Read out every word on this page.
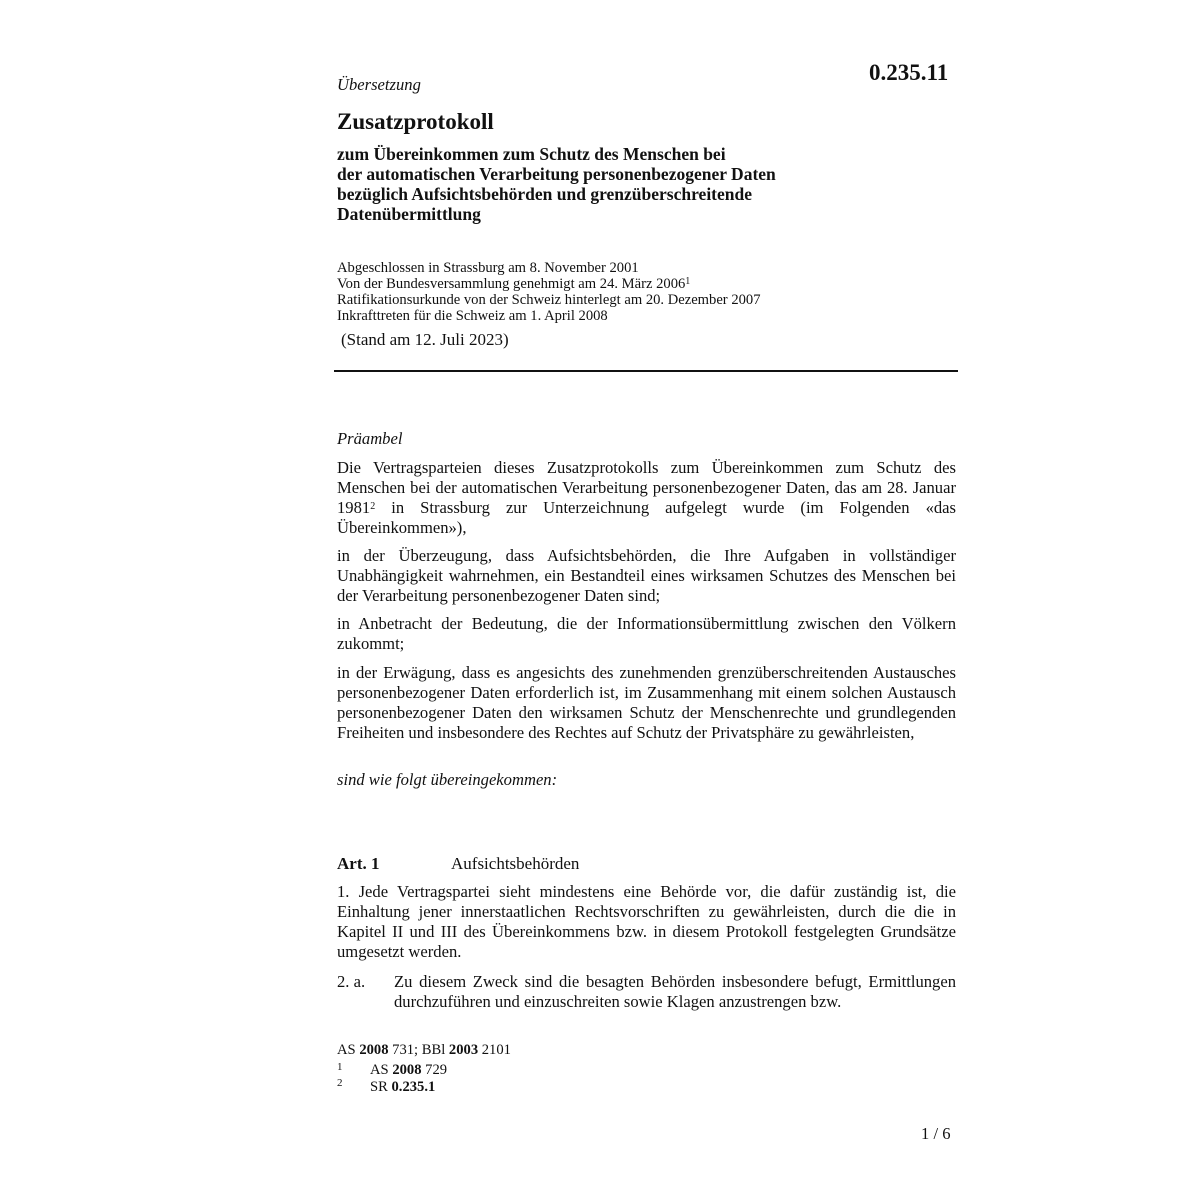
Übersetzung	0.235.11
Zusatzprotokoll
zum Übereinkommen zum Schutz des Menschen bei
der automatischen Verarbeitung personenbezogener Daten
bezüglich Aufsichtsbehörden und grenzüberschreitende
Datenübermittlung
Abgeschlossen in Strassburg am 8. November 2001
Von der Bundesversammlung genehmigt am 24. März 2006$^1$
Ratifikationsurkunde von der Schweiz hinterlegt am 20. Dezember 2007
Inkrafttreten für die Schweiz am 1. April 2008
(Stand am 12. Juli 2023)
Präambel

Die Vertragsparteien dieses Zusatzprotokolls zum Übereinkommen zum Schutz des Menschen bei der automatischen Verarbeitung personenbezogener Daten, das am 28. Januar 1981$^2$ in Strassburg zur Unterzeichnung aufgelegt wurde (im Folgenden «das Übereinkommen»),

in der Überzeugung, dass Aufsichtsbehörden, die Ihre Aufgaben in vollständiger Unabhängigkeit wahrnehmen, ein Bestandteil eines wirksamen Schutzes des Menschen bei der Verarbeitung personenbezogener Daten sind;

in Anbetracht der Bedeutung, die der Informationsübermittlung zwischen den Völkern zukommt;

in der Erwägung, dass es angesichts des zunehmenden grenzüberschreitenden Austausches personenbezogener Daten erforderlich ist, im Zusammenhang mit einem solchen Austausch personenbezogener Daten den wirksamen Schutz der Menschenrechte und grundlegenden Freiheiten und insbesondere des Rechtes auf Schutz der Privatsphäre zu gewährleisten,

sind wie folgt übereingekommen:
Art. 1	Aufsichtsbehörden

1. Jede Vertragspartei sieht mindestens eine Behörde vor, die dafür zuständig ist, die Einhaltung jener innerstaatlichen Rechtsvorschriften zu gewährleisten, durch die die in Kapitel II und III des Übereinkommens bzw. in diesem Protokoll festgelegten Grundsätze umgesetzt werden.

2. a. Zu diesem Zweck sind die besagten Behörden insbesondere befugt, Ermittlungen durchzuführen und einzuschreiten sowie Klagen anzustrengen bzw.

AS 2008 731; BBl 2003 2101
1 AS 2008 729
2 SR 0.235.1
1 / 6
